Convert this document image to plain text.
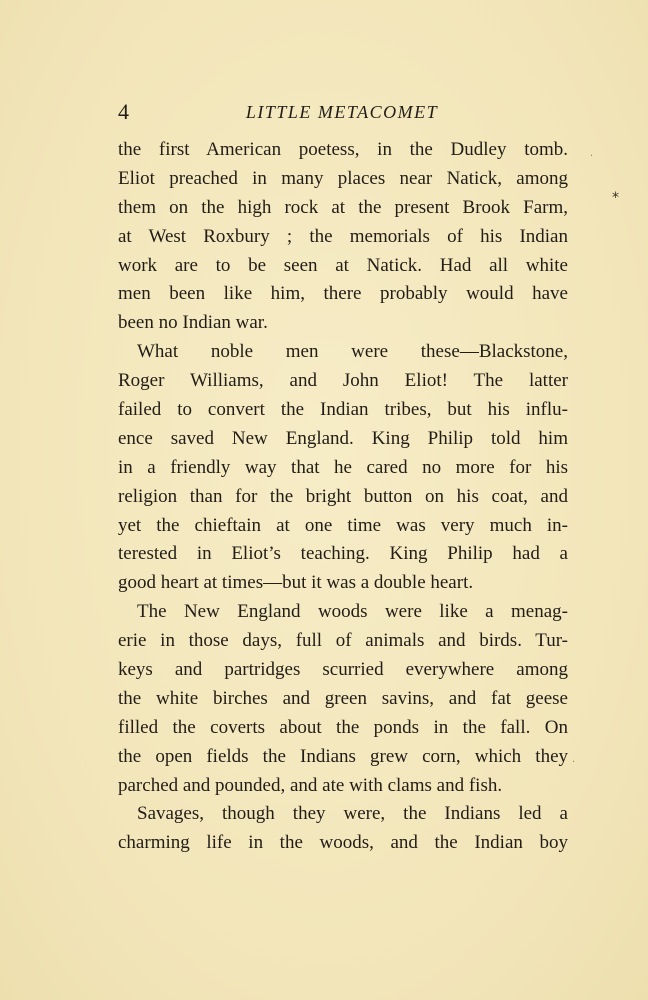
4	LITTLE METACOMET
the first American poetess, in the Dudley tomb.
Eliot preached in many places near Natick, among
them on the high rock at the present Brook Farm,
at West Roxbury ; the memorials of his Indian
work are to be seen at Natick. Had all white
men been like him, there probably would have
been no Indian war.
What noble men were these—Blackstone,
Roger Williams, and John Eliot! The latter
failed to convert the Indian tribes, but his influ-
ence saved New England. King Philip told him
in a friendly way that he cared no more for his
religion than for the bright button on his coat, and
yet the chieftain at one time was very much in-
terested in Eliot’s teaching. King Philip had a
good heart at times—but it was a double heart.
The New England woods were like a menag-
erie in those days, full of animals and birds. Tur-
keys and partridges scurried everywhere among
the white birches and green savins, and fat geese
filled the coverts about the ponds in the fall. On
the open fields the Indians grew corn, which they
parched and pounded, and ate with clams and fish.
Savages, though they were, the Indians led a
charming life in the woods, and the Indian boy
*
.
.
